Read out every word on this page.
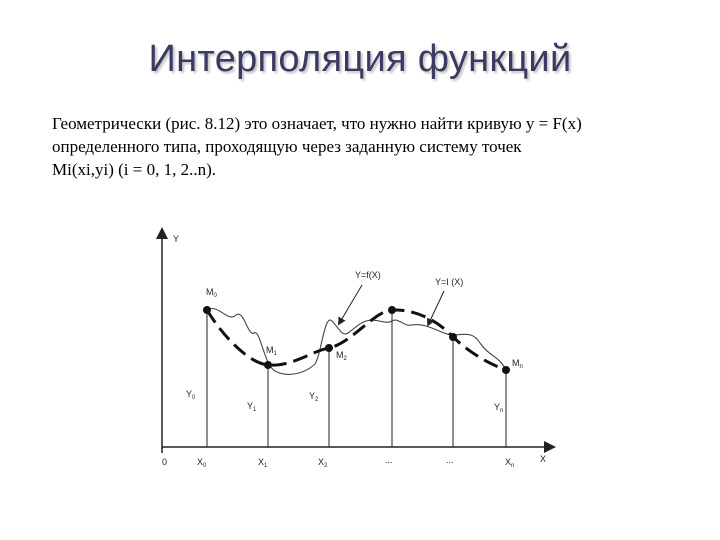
Интерполяция функций
Геометрически (рис. 8.12) это означает, что нужно найти кривую y = F(x)
определенного типа, проходящую через заданную систему точек
Mi(xi,yi) (i = 0, 1, 2..n).
Y
X
0
Y=f(X)
Y=I (X)
$M_0$
$M_1$	$M_2$	$M_n$
$Y_0$
$Y_1$
$Y_2$
$Y_n$
$X_0$	$X_1$	$X_2$
...	...	$X_n$
